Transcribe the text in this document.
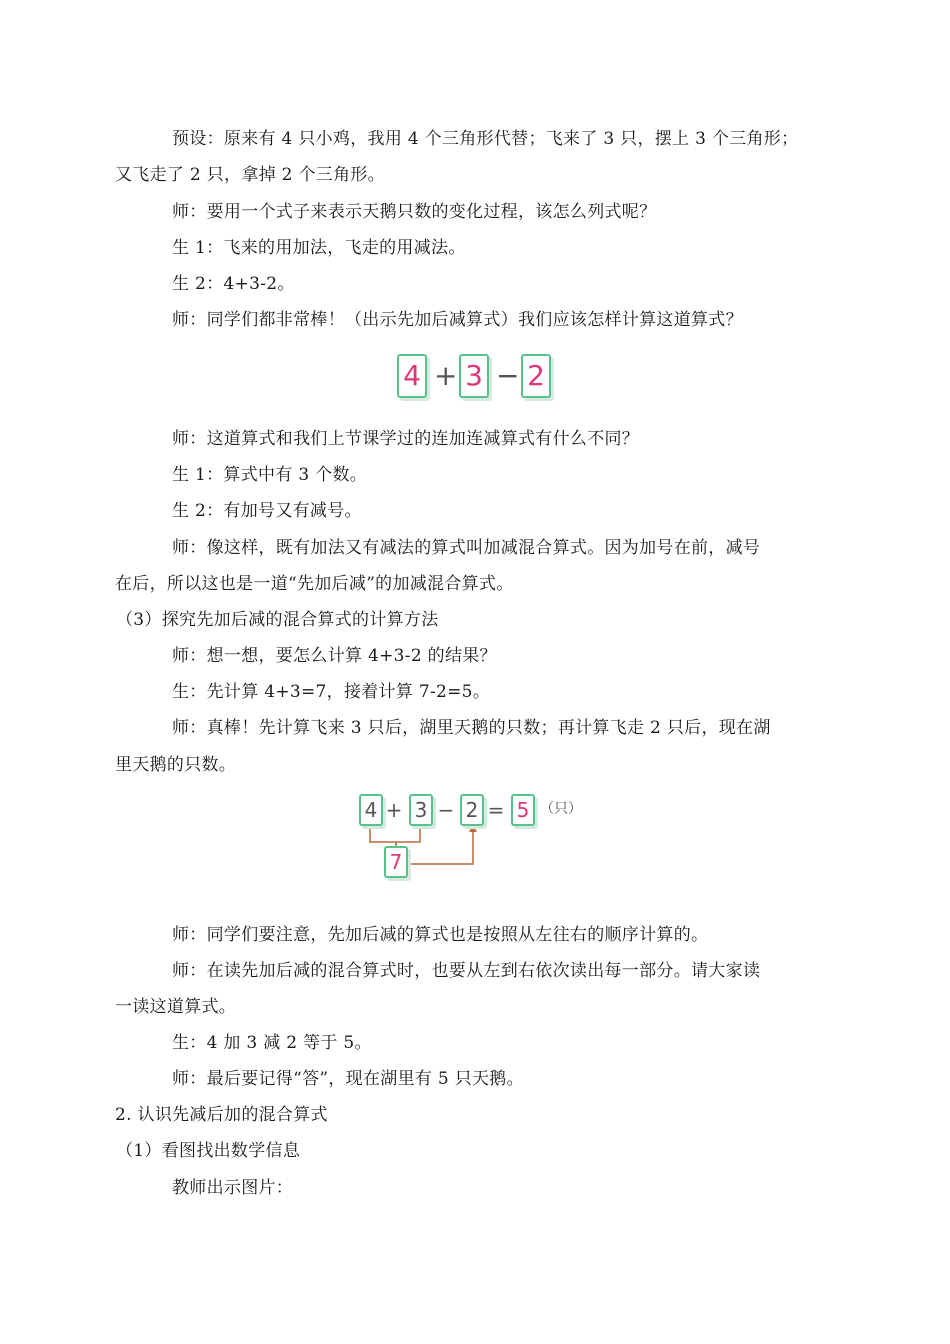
预设：原来有 4 只小鸡，我用 4 个三角形代替；飞来了 3 只，摆上 3 个三角形；
又飞走了 2 只，拿掉 2 个三角形。
师：要用一个式子来表示天鹅只数的变化过程，该怎么列式呢？
生 1：飞来的用加法，飞走的用减法。
生 2：4+3-2。
师：同学们都非常棒！（出示先加后减算式）我们应该怎样计算这道算式？
4 + 3 − 2
师：这道算式和我们上节课学过的连加连减算式有什么不同？
生 1：算式中有 3 个数。
生 2：有加号又有减号。
师：像这样，既有加法又有减法的算式叫加减混合算式。因为加号在前，减号
在后，所以这也是一道“先加后减”的加减混合算式。
（3）探究先加后减的混合算式的计算方法
师：想一想，要怎么计算 4+3-2 的结果？
生：先计算 4+3=7，接着计算 7-2=5。
师：真棒！先计算飞来 3 只后，湖里天鹅的只数；再计算飞走 2 只后，现在湖
里天鹅的只数。
4 + 3 − 2 = 5 （只）
7
师：同学们要注意，先加后减的算式也是按照从左往右的顺序计算的。
师：在读先加后减的混合算式时，也要从左到右依次读出每一部分。请大家读
一读这道算式。
生：4 加 3 减 2 等于 5。
师：最后要记得“答”，现在湖里有 5 只天鹅。
2. 认识先减后加的混合算式
（1）看图找出数学信息
教师出示图片：
